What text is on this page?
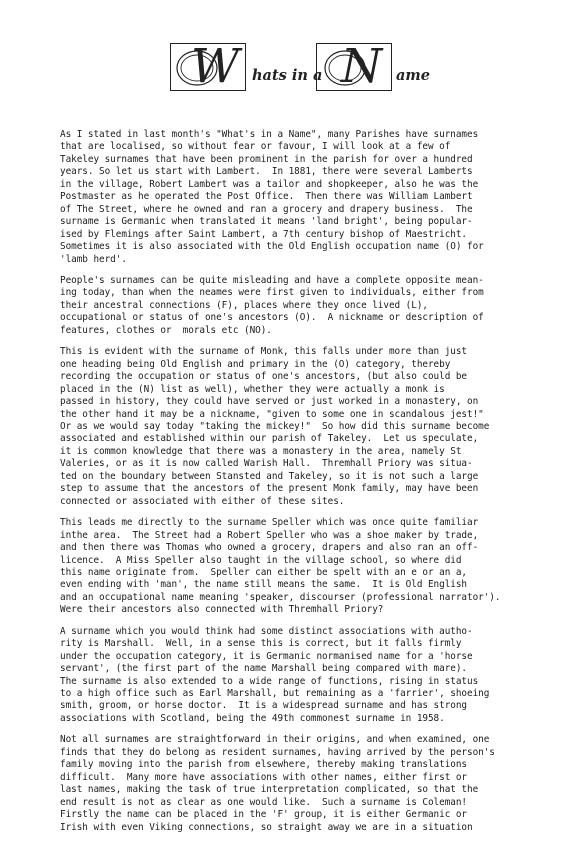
W hats in a N ame
As I stated in last month's "What's in a Name", many Parishes have surnames
that are localised, so without fear or favour, I will look at a few of
Takeley surnames that have been prominent in the parish for over a hundred
years. So let us start with Lambert.  In 1881, there were several Lamberts
in the village, Robert Lambert was a tailor and shopkeeper, also he was the
Postmaster as he operated the Post Office.  Then there was William Lambert
of The Street, where he owned and ran a grocery and drapery business.  The
surname is Germanic when translated it means 'land bright', being popular-
ised by Flemings after Saint Lambert, a 7th century bishop of Maestricht.
Sometimes it is also associated with the Old English occupation name (O) for
'lamb herd'.
People's surnames can be quite misleading and have a complete opposite mean-
ing today, than when the neames were first given to individuals, either from
their ancestral connections (F), places where they once lived (L),
occupational or status of one's ancestors (O).  A nickname or description of
features, clothes or  morals etc (NO).
This is evident with the surname of Monk, this falls under more than just
one heading being Old English and primary in the (O) category, thereby
recording the occupation or status of one's ancestors, (but also could be
placed in the (N) list as well), whether they were actually a monk is
passed in history, they could have served or just worked in a monastery, on
the other hand it may be a nickname, "given to some one in scandalous jest!"
Or as we would say today "taking the mickey!"  So how did this surname become
associated and established within our parish of Takeley.  Let us speculate,
it is common knowledge that there was a monastery in the area, namely St
Valeries, or as it is now called Warish Hall.  Thremhall Priory was situa-
ted on the boundary between Stansted and Takeley, so it is not such a large
step to assume that the ancestors of the present Monk family, may have been
connected or associated with either of these sites.
This leads me directly to the surname Speller which was once quite familiar
inthe area.  The Street had a Robert Speller who was a shoe maker by trade,
and then there was Thomas who owned a grocery, drapers and also ran an off-
licence.  A Miss Speller also taught in the village school, so where did
this name originate from.  Speller can either be spelt with an e or an a,
even ending with 'man', the name still means the same.  It is Old English
and an occupational name meaning 'speaker, discourser (professional narrator').
Were their ancestors also connected with Thremhall Priory?
A surname which you would think had some distinct associations with autho-
rity is Marshall.  Well, in a sense this is correct, but it falls firmly
under the occupation category, it is Germanic normanised name for a 'horse
servant', (the first part of the name Marshall being compared with mare).
The surname is also extended to a wide range of functions, rising in status
to a high office such as Earl Marshall, but remaining as a 'farrier', shoeing
smith, groom, or horse doctor.  It is a widespread surname and has strong
associations with Scotland, being the 49th commonest surname in 1958.
Not all surnames are straightforward in their origins, and when examined, one
finds that they do belong as resident surnames, having arrived by the person's
family moving into the parish from elsewhere, thereby making translations
difficult.  Many more have associations with other names, either first or
last names, making the task of true interpretation complicated, so that the
end result is not as clear as one would like.  Such a surname is Coleman!
Firstly the name can be placed in the 'F' group, it is either Germanic or
Irish with even Viking connections, so straight away we are in a situation
